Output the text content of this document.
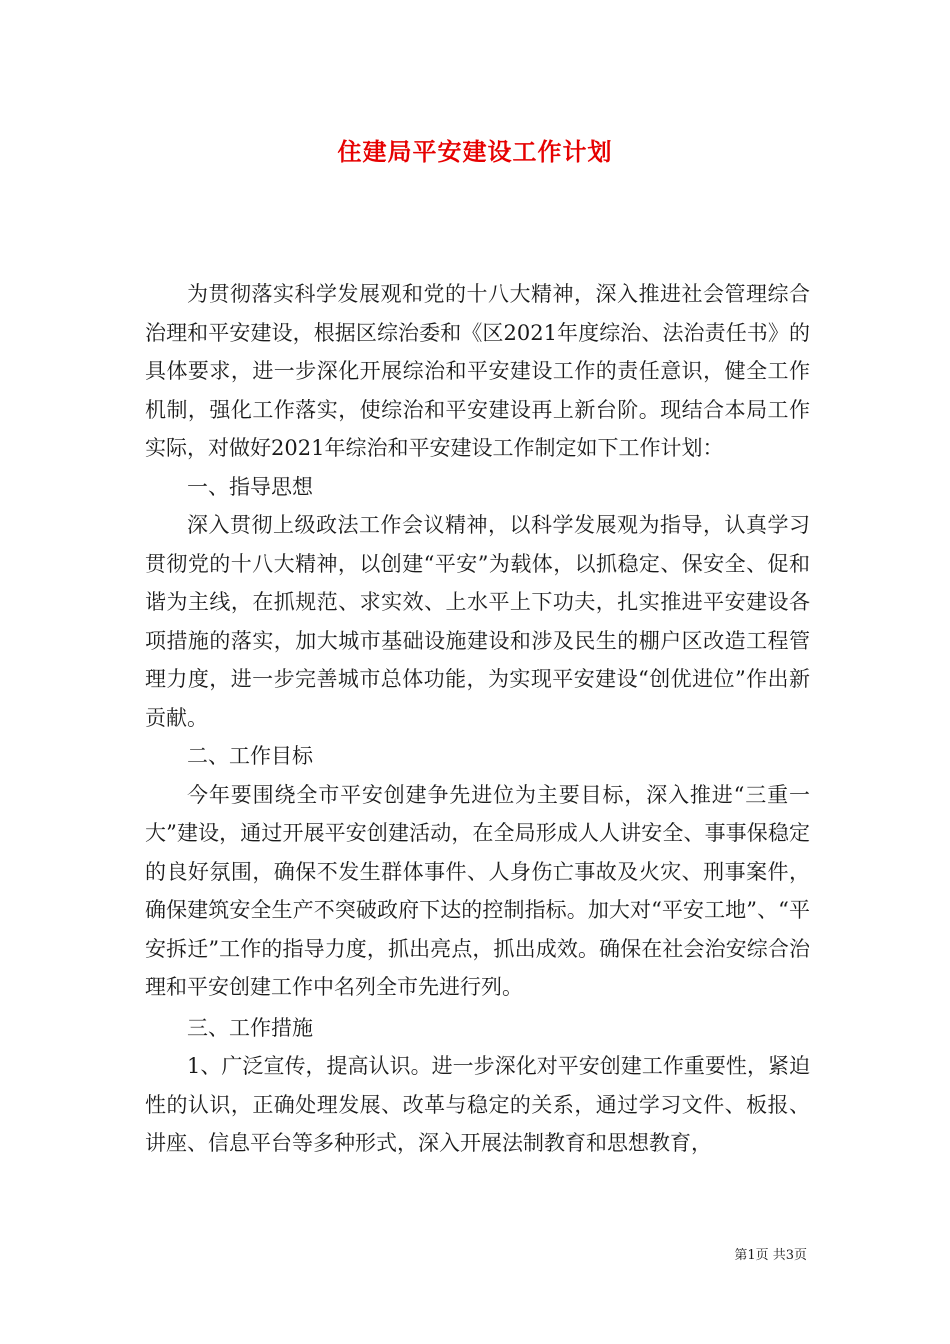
住建局平安建设工作计划

为贯彻落实科学发展观和党的十八大精神，深入推进社会管理综合治理和平安建设，根据区综治委和《区2021年度综治、法治责任书》的具体要求，进一步深化开展综治和平安建设工作的责任意识，健全工作机制，强化工作落实，使综治和平安建设再上新台阶。现结合本局工作实际，对做好2021年综治和平安建设工作制定如下工作计划：

一、指导思想

深入贯彻上级政法工作会议精神，以科学发展观为指导，认真学习贯彻党的十八大精神，以创建“平安”为载体，以抓稳定、保安全、促和谐为主线，在抓规范、求实效、上水平上下功夫，扎实推进平安建设各项措施的落实，加大城市基础设施建设和涉及民生的棚户区改造工程管理力度，进一步完善城市总体功能，为实现平安建设“创优进位”作出新贡献。

二、工作目标

今年要围绕全市平安创建争先进位为主要目标，深入推进“三重一大”建设，通过开展平安创建活动，在全局形成人人讲安全、事事保稳定的良好氛围，确保不发生群体事件、人身伤亡事故及火灾、刑事案件，确保建筑安全生产不突破政府下达的控制指标。加大对“平安工地”、“平安拆迁”工作的指导力度，抓出亮点，抓出成效。确保在社会治安综合治理和平安创建工作中名列全市先进行列。

三、工作措施

1、广泛宣传，提高认识。进一步深化对平安创建工作重要性，紧迫性的认识，正确处理发展、改革与稳定的关系，通过学习文件、板报、讲座、信息平台等多种形式，深入开展法制教育和思想教育，

第1页 共3页
